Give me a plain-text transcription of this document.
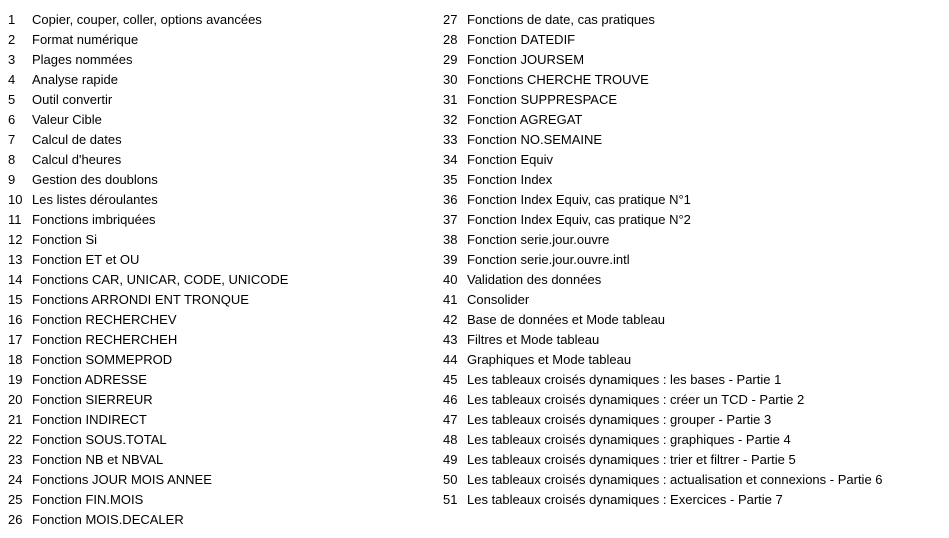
1 Copier, couper, coller, options avancées
2 Format numérique
3 Plages nommées
4 Analyse rapide
5 Outil convertir
6 Valeur Cible
7 Calcul de dates
8 Calcul d'heures
9 Gestion des doublons
10 Les listes déroulantes
11 Fonctions imbriquées
12 Fonction Si
13 Fonction ET et OU
14 Fonctions CAR, UNICAR, CODE, UNICODE
15 Fonctions ARRONDI ENT TRONQUE
16 Fonction RECHERCHEV
17 Fonction RECHERCHEH
18 Fonction SOMMEPROD
19 Fonction ADRESSE
20 Fonction SIERREUR
21 Fonction INDIRECT
22 Fonction SOUS.TOTAL
23 Fonction NB et NBVAL
24 Fonctions JOUR MOIS ANNEE
25 Fonction FIN.MOIS
26 Fonction MOIS.DECALER
27 Fonctions de date, cas pratiques
28 Fonction DATEDIF
29 Fonction JOURSEM
30 Fonctions CHERCHE TROUVE
31 Fonction SUPPRESPACE
32 Fonction AGREGAT
33 Fonction NO.SEMAINE
34 Fonction Equiv
35 Fonction Index
36 Fonction Index Equiv, cas pratique N°1
37 Fonction Index Equiv, cas pratique N°2
38 Fonction serie.jour.ouvre
39 Fonction serie.jour.ouvre.intl
40 Validation des données
41 Consolider
42 Base de données et Mode tableau
43 Filtres et Mode tableau
44 Graphiques et Mode tableau
45 Les tableaux croisés dynamiques : les bases - Partie 1
46 Les tableaux croisés dynamiques : créer un TCD - Partie 2
47 Les tableaux croisés dynamiques : grouper - Partie 3
48 Les tableaux croisés dynamiques : graphiques - Partie 4
49 Les tableaux croisés dynamiques : trier et filtrer - Partie 5
50 Les tableaux croisés dynamiques : actualisation et connexions - Partie 6
51 Les tableaux croisés dynamiques : Exercices - Partie 7
